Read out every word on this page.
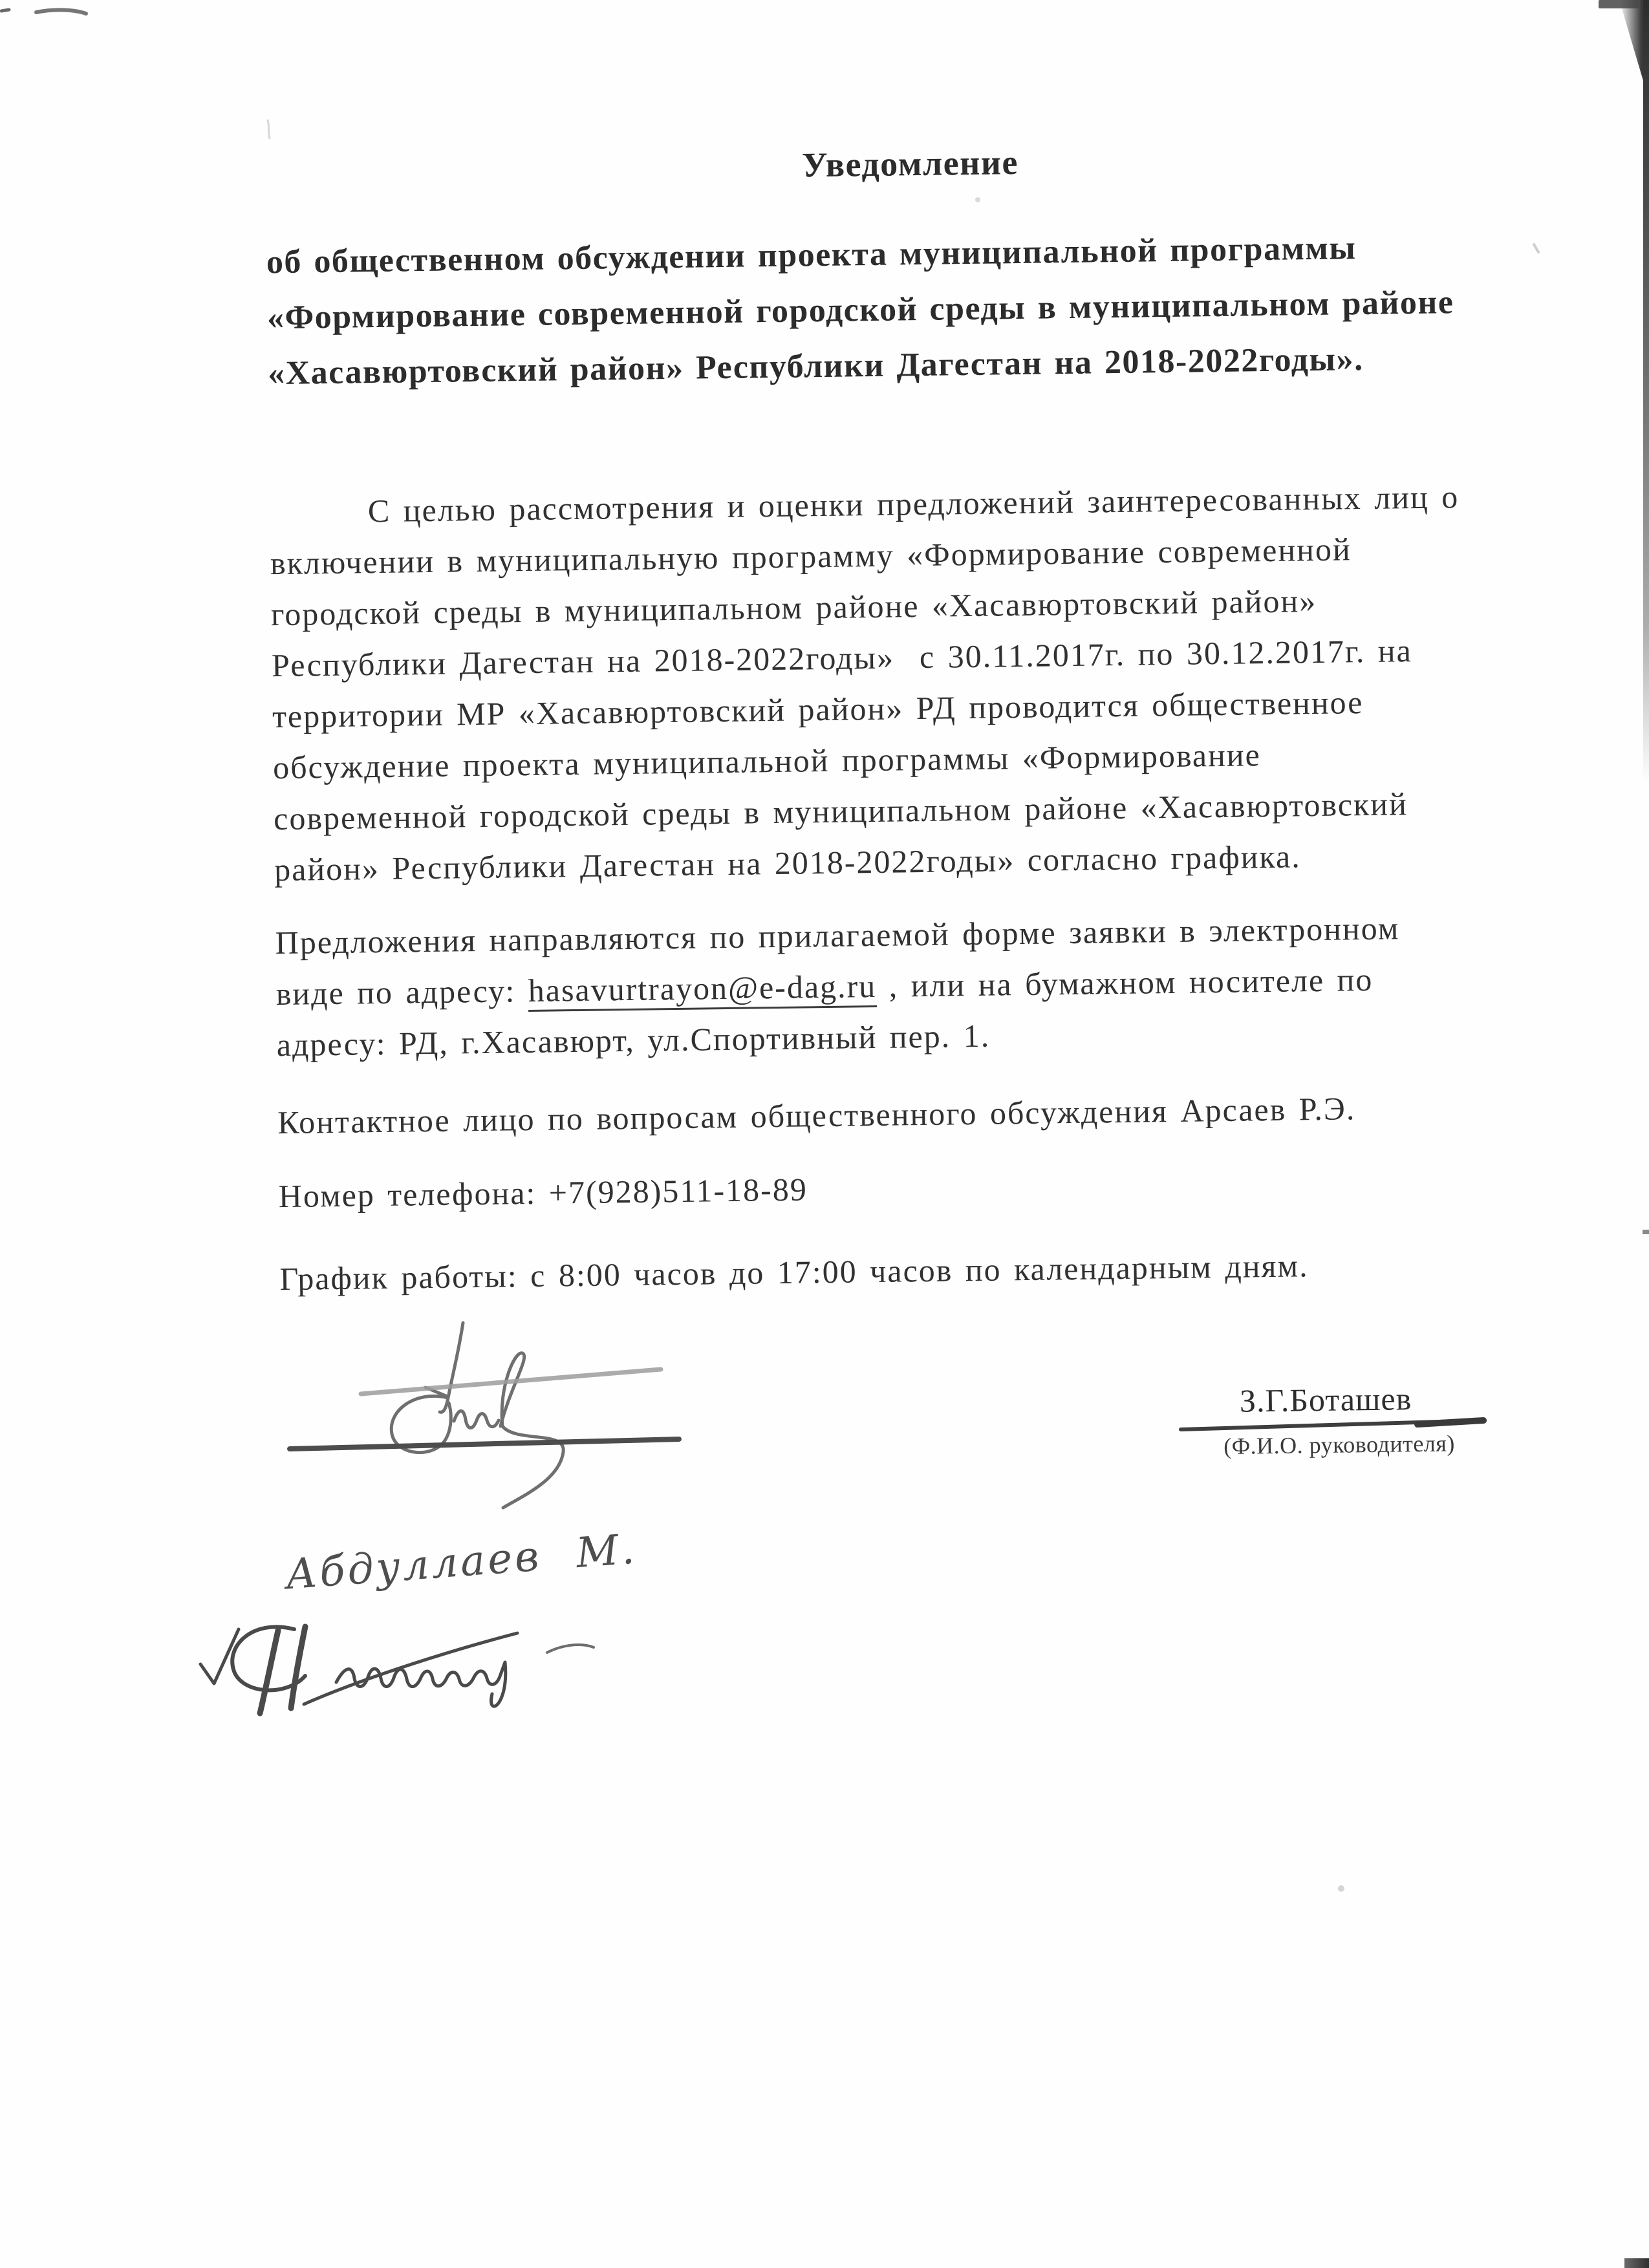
Уведомление
об общественном обсуждении проекта муниципальной программы
«Формирование современной городской среды в муниципальном районе
«Хасавюртовский район» Республики Дагестан на 2018-2022годы».
С целью рассмотрения и оценки предложений заинтересованных лиц о
включении в муниципальную программу «Формирование современной
городской среды в муниципальном районе «Хасавюртовский район»
Республики Дагестан на 2018-2022годы»  с 30.11.2017г. по 30.12.2017г. на
территории МР «Хасавюртовский район» РД проводится общественное
обсуждение проекта муниципальной программы «Формирование
современной городской среды в муниципальном районе «Хасавюртовский
район» Республики Дагестан на 2018-2022годы» согласно графика.
Предложения направляются по прилагаемой форме заявки в электронном
виде по адресу: hasavurtrayon@e-dag.ru , или на бумажном носителе по
адресу: РД, г.Хасавюрт, ул.Спортивный пер. 1.
Контактное лицо по вопросам общественного обсуждения Арсаев Р.Э.
Номер телефона: +7(928)511-18-89
График работы: с 8:00 часов до 17:00 часов по календарным дням.
З.Г.Боташев
(Ф.И.О. руководителя)
Абдуллаев М.
